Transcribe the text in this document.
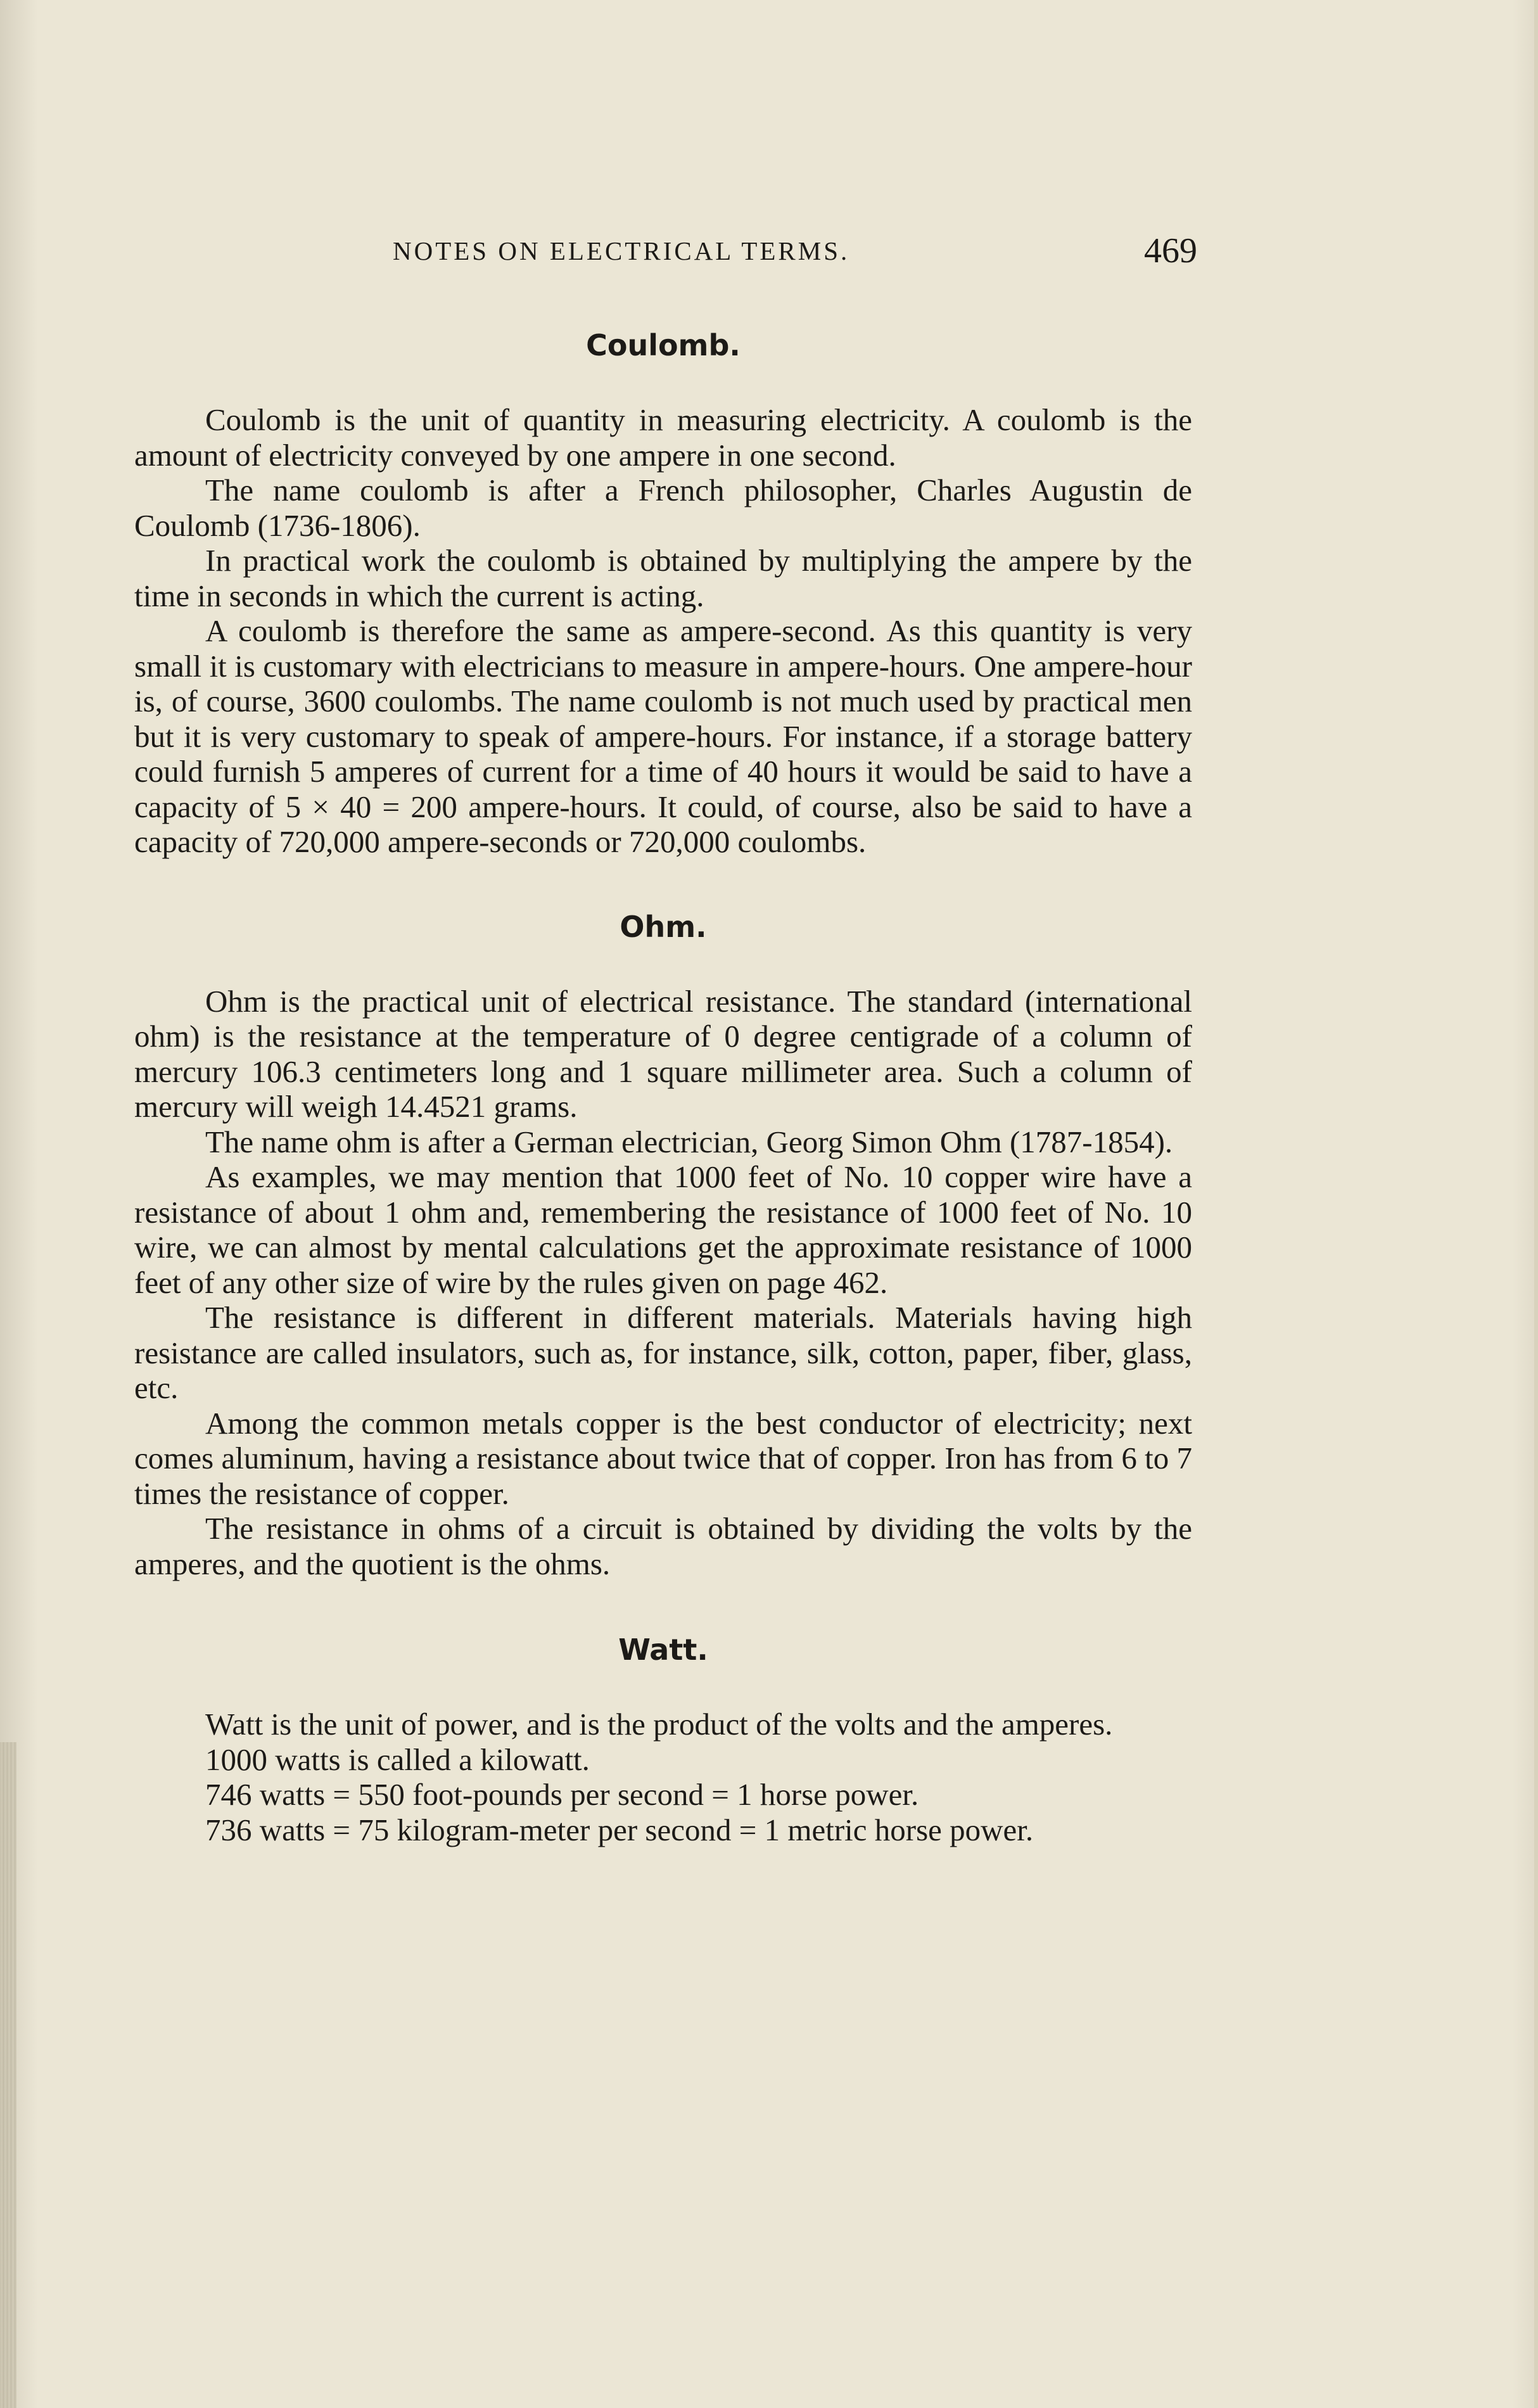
NOTES ON ELECTRICAL TERMS.	469
Coulomb.

Coulomb is the unit of quantity in measuring electricity. A coulomb is the amount of electricity conveyed by one ampere in one second.

The name coulomb is after a French philosopher, Charles Augustin de Coulomb (1736-1806).

In practical work the coulomb is obtained by multiplying the ampere by the time in seconds in which the current is acting.

A coulomb is therefore the same as ampere-second. As this quantity is very small it is customary with electricians to measure in ampere-hours. One ampere-hour is, of course, 3600 coulombs. The name coulomb is not much used by practical men but it is very customary to speak of ampere-hours. For instance, if a storage battery could furnish 5 amperes of current for a time of 40 hours it would be said to have a capacity of 5 × 40 = 200 ampere-hours. It could, of course, also be said to have a capacity of 720,000 ampere-seconds or 720,000 coulombs.

Ohm.

Ohm is the practical unit of electrical resistance. The standard (international ohm) is the resistance at the temperature of 0 degree centigrade of a column of mercury 106.3 centimeters long and 1 square millimeter area. Such a column of mercury will weigh 14.4521 grams.

The name ohm is after a German electrician, Georg Simon Ohm (1787-1854).

As examples, we may mention that 1000 feet of No. 10 copper wire have a resistance of about 1 ohm and, remembering the resistance of 1000 feet of No. 10 wire, we can almost by mental calculations get the approximate resistance of 1000 feet of any other size of wire by the rules given on page 462.

The resistance is different in different materials. Materials having high resistance are called insulators, such as, for instance, silk, cotton, paper, fiber, glass, etc.

Among the common metals copper is the best conductor of electricity; next comes aluminum, having a resistance about twice that of copper. Iron has from 6 to 7 times the resistance of copper.

The resistance in ohms of a circuit is obtained by dividing the volts by the amperes, and the quotient is the ohms.

Watt.

Watt is the unit of power, and is the product of the volts and the amperes.

1000 watts is called a kilowatt.

746 watts = 550 foot-pounds per second = 1 horse power.

736 watts = 75 kilogram-meter per second = 1 metric horse power.
